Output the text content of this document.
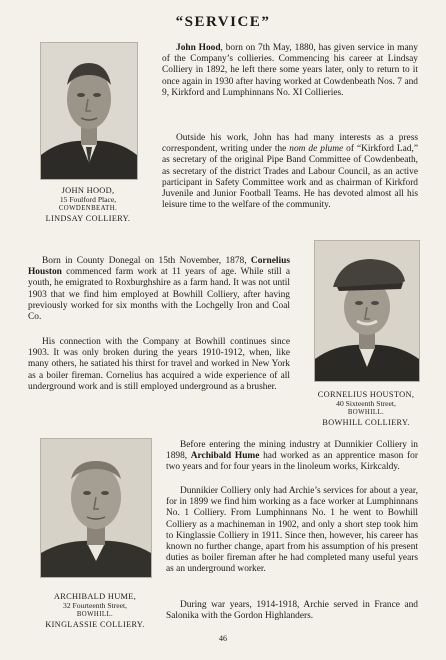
“SERVICE”
JOHN HOOD,
15 Foulford Place,
COWDENBEATH.
LINDSAY COLLIERY.

John Hood, born on 7th May, 1880, has given service in many of the Company’s collieries. Commencing his career at Lindsay Colliery in 1892, he left there some years later, only to return to it once again in 1930 after having worked at Cowdenbeath Nos. 7 and 9, Kirkford and Lumphinnans No. XI Collieries.

Outside his work, John has had many interests as a press correspondent, writing under the nom de plume of “Kirkford Lad,” as secretary of the original Pipe Band Committee of Cowdenbeath, as secretary of the district Trades and Labour Council, as an active participant in Safety Committee work and as chairman of Kirkford Juvenile and Junior Football Teams. He has devoted almost all his leisure time to the welfare of the community.

Born in County Donegal on 15th November, 1878, Cornelius Houston commenced farm work at 11 years of age. While still a youth, he emigrated to Roxburghshire as a farm hand. It was not until 1903 that we find him employed at Bowhill Colliery, after having previously worked for six months with the Lochgelly Iron and Coal Co.

His connection with the Company at Bowhill continues since 1903. It was only broken during the years 1910-1912, when, like many others, he satiated his thirst for travel and worked in New York as a boiler fireman. Cornelius has acquired a wide experience of all underground work and is still employed underground as a brusher.

CORNELIUS HOUSTON,
40 Sixteenth Street,
BOWHILL.
BOWHILL COLLIERY.
ARCHIBALD HUME,
32 Fourteenth Street,
BOWHILL.
KINGLASSIE COLLIERY.

Before entering the mining industry at Dunnikier Colliery in 1898, Archibald Hume had worked as an apprentice mason for two years and for four years in the linoleum works, Kirkcaldy.

Dunnikier Colliery only had Archie’s services for about a year, for in 1899 we find him working as a face worker at Lumphinnans No. 1 Colliery. From Lumphinnans No. 1 he went to Bowhill Colliery as a machineman in 1902, and only a short step took him to Kinglassie Colliery in 1911. Since then, however, his career has known no further change, apart from his assumption of his present duties as boiler fireman after he had completed many useful years as an underground worker.

During war years, 1914-1918, Archie served in France and Salonika with the Gordon Highlanders.

46
